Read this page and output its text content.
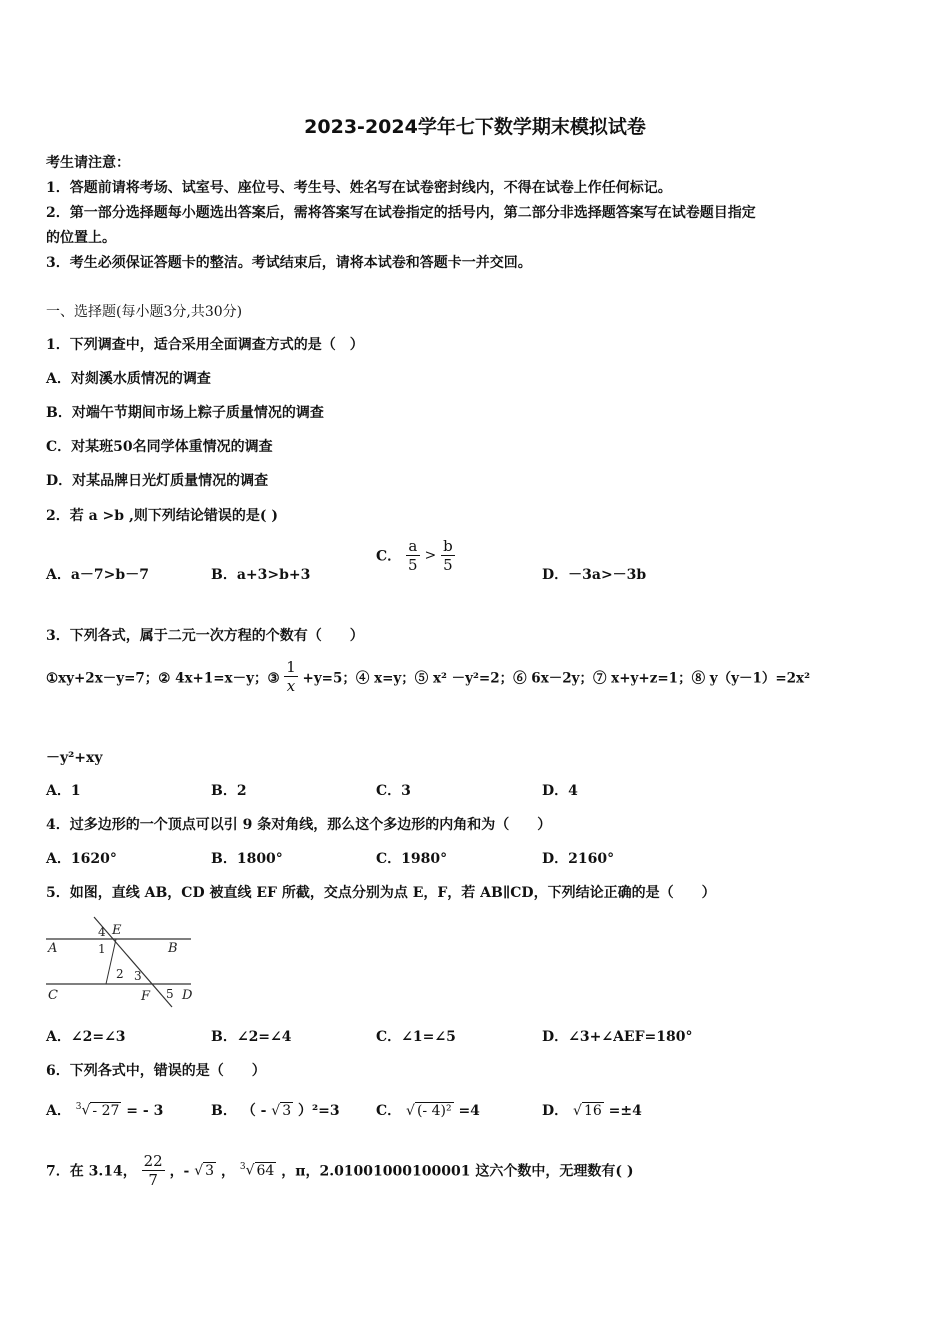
2023-2024学年七下数学期末模拟试卷
考生请注意：
1．答题前请将考场、试室号、座位号、考生号、姓名写在试卷密封线内，不得在试卷上作任何标记。
2．第一部分选择题每小题选出答案后，需将答案写在试卷指定的括号内，第二部分非选择题答案写在试卷题目指定
的位置上。
3．考生必须保证答题卡的整洁。考试结束后，请将本试卷和答题卡一并交回。
一、选择题(每小题3分,共30分)
1．下列调查中，适合采用全面调查方式的是（　）
A．对剡溪水质情况的调查
B．对端午节期间市场上粽子质量情况的调查
C．对某班50名同学体重情况的调查
D．对某品牌日光灯质量情况的调查
2．若 a >b ,则下列结论错误的是( )
A．a－7>b－7	B．a+3>b+3
C． $\frac{a}{5} > \frac{b}{5}$
D．－3a>－3b
3．下列各式，属于二元一次方程的个数有（　　）
①xy+2x－y=7；② 4x+1=x－y；③ $\frac{1}{x} +y=5$；④ x=y；⑤ x² －y²=2；⑥ 6x－2y；⑦ x+y+z=1；⑧ y（y－1）=2x²
－y²+xy
A．1	B．2	C．3	D．4
4．过多边形的一个顶点可以引 9 条对角线，那么这个多边形的内角和为（　　）
A．1620°	B．1800°	C．1980°	D．2160°
5．如图，直线 AB，CD 被直线 EF 所截，交点分别为点 E，F，若 AB∥CD，下列结论正确的是（　　）
A	B
C	D
E
F
4
1
2 3
5
A．∠2=∠3	B．∠2=∠4	C．∠1=∠5	D．∠3+∠AEF=180°
6．下列各式中，错误的是（　　）
A． $^3$√ - 27 = - 3	B． （ - √ 3 ）²=3	C． √ (- 4)² =4	D． √ 16 =±4
7．在 3.14， $\frac{22}{7}$ ，- √ 3 ， $^3$√ 64 ，π，2.01001000100001 这六个数中，无理数有( )
